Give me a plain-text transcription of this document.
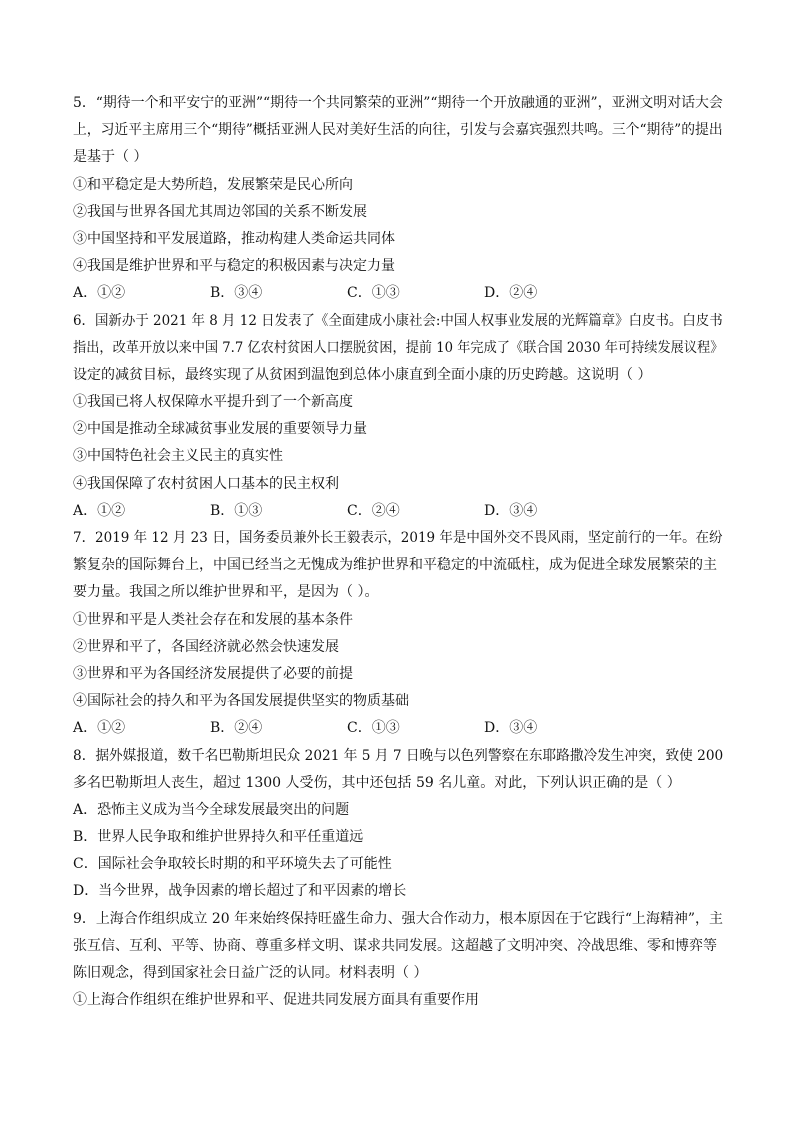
5．“期待一个和平安宁的亚洲”“期待一个共同繁荣的亚洲”“期待一个开放融通的亚洲”，亚洲文明对话大会
上，习近平主席用三个“期待”概括亚洲人民对美好生活的向往，引发与会嘉宾强烈共鸣。三个“期待”的提出
是基于（ ）
①和平稳定是大势所趋，发展繁荣是民心所向
②我国与世界各国尤其周边邻国的关系不断发展
③中国坚持和平发展道路，推动构建人类命运共同体
④我国是维护世界和平与稳定的积极因素与决定力量
A．①②	B．③④	C．①③	D．②④
6．国新办于 2021 年 8 月 12 日发表了《全面建成小康社会:中国人权事业发展的光辉篇章》白皮书。白皮书
指出，改革开放以来中国 7.7 亿农村贫困人口摆脱贫困，提前 10 年完成了《联合国 2030 年可持续发展议程》
设定的减贫目标，最终实现了从贫困到温饱到总体小康直到全面小康的历史跨越。这说明（ ）
①我国已将人权保障水平提升到了一个新高度
②中国是推动全球减贫事业发展的重要领导力量
③中国特色社会主义民主的真实性
④我国保障了农村贫困人口基本的民主权利
A．①②	B．①③	C．②④	D．③④
7．2019 年 12 月 23 日，国务委员兼外长王毅表示，2019 年是中国外交不畏风雨，坚定前行的一年。在纷
繁复杂的国际舞台上，中国已经当之无愧成为维护世界和平稳定的中流砥柱，成为促进全球发展繁荣的主
要力量。我国之所以维护世界和平，是因为（ ）。
①世界和平是人类社会存在和发展的基本条件
②世界和平了，各国经济就必然会快速发展
③世界和平为各国经济发展提供了必要的前提
④国际社会的持久和平为各国发展提供坚实的物质基础
A．①②	B．②④	C．①③	D．③④
8．据外媒报道，数千名巴勒斯坦民众 2021 年 5 月 7 日晚与以色列警察在东耶路撒冷发生冲突，致使 200
多名巴勒斯坦人丧生，超过 1300 人受伤，其中还包括 59 名儿童。对此，下列认识正确的是（ ）
A．恐怖主义成为当今全球发展最突出的问题
B．世界人民争取和维护世界持久和平任重道远
C．国际社会争取较长时期的和平环境失去了可能性
D．当今世界，战争因素的增长超过了和平因素的增长
9．上海合作组织成立 20 年来始终保持旺盛生命力、强大合作动力，根本原因在于它践行“上海精神”，主
张互信、互利、平等、协商、尊重多样文明、谋求共同发展。这超越了文明冲突、冷战思维、零和博弈等
陈旧观念，得到国家社会日益广泛的认同。材料表明（ ）
①上海合作组织在维护世界和平、促进共同发展方面具有重要作用
